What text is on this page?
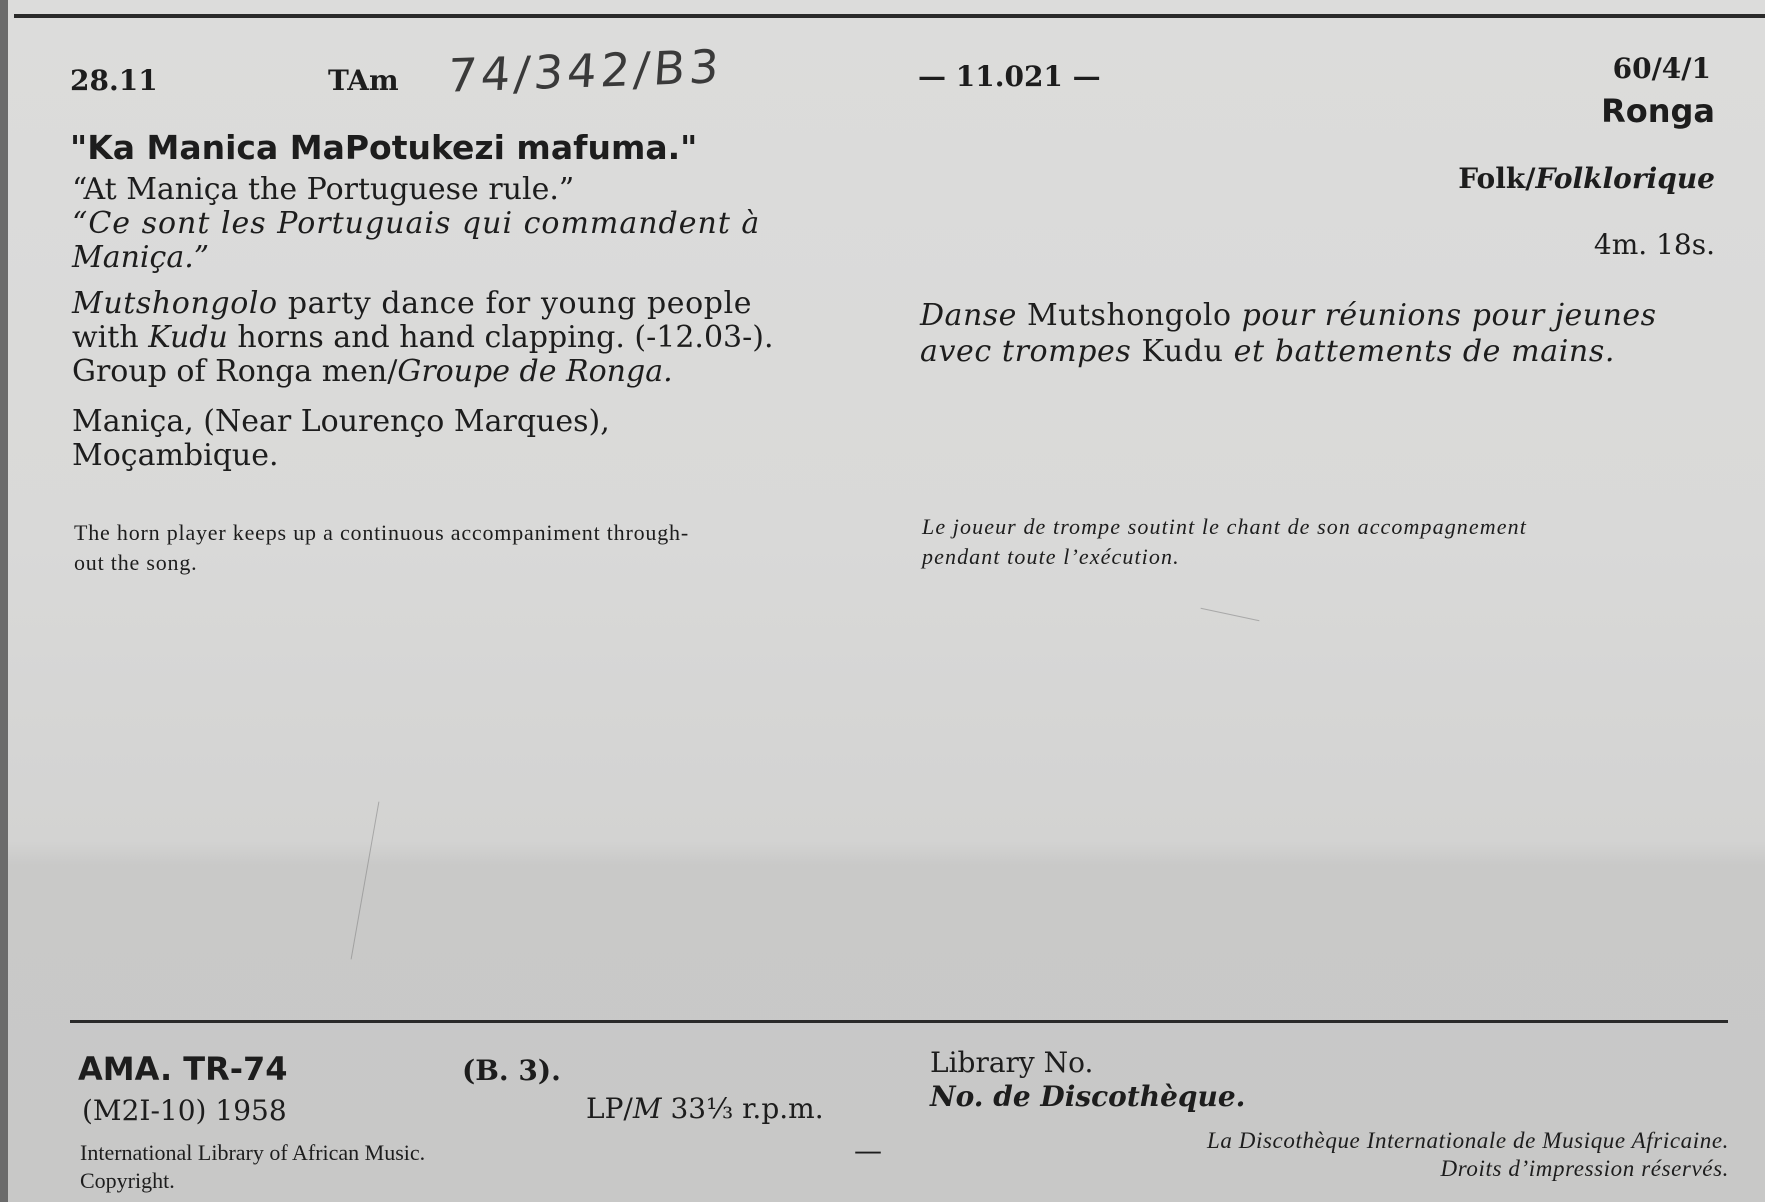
28.11	TAm 74/342/B3	— 11.021 —	60/4/1
Ronga
"Ka Manica MaPotukezi mafuma."
“At Maniça the Portuguese rule.”
“Ce sont les Portuguais qui commandent à
Maniça.”
Folk/Folklorique
4m. 18s.
Mutshongolo party dance for young people
with Kudu horns and hand clapping. (-12.03-).
Group of Ronga men/Groupe de Ronga.
Danse Mutshongolo pour réunions pour jeunes
avec trompes Kudu et battements de mains.
Maniça, (Near Lourenço Marques),
Moçambique.
The horn player keeps up a continuous accompaniment through-
out the song.
Le joueur de trompe soutint le chant de son accompagnement
pendant toute l’exécution.
AMA. TR-74	(B. 3).
(M2I-10) 1958	LP/M 33⅓ r.p.m.
Library No.
No. de Discothèque.
International Library of African Music.
Copyright.
—	La Discothèque Internationale de Musique Africaine.
Droits d’impression réservés.
